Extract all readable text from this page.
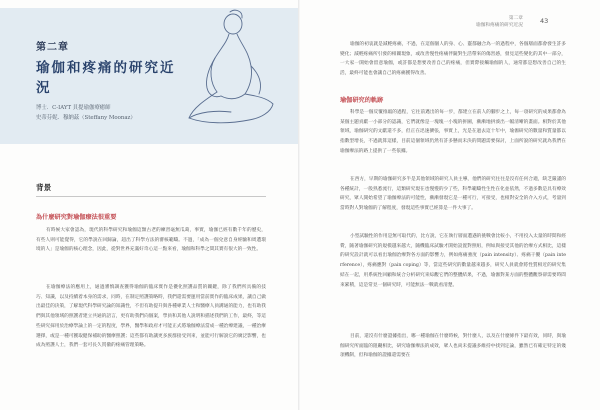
第二章
瑜伽和疼痛的研究近況
博士．C-IAYT 貝提瑜伽療癒師
史蒂芬妮．穆納茲（Steffany Moonaz）
背景
為什麼研究對瑜伽療法很重要
有時候大家會認為，現代的科學研究和瑜伽這類古老的練習毫無瓜葛，事實，瑜伽已經有數千年的歷史，有些人則可能覺得，它的學說在回歸論，超出了科學方法的審核範疇。不過，「成為一個兌意自身經驗和周遭環境的人」是瑜伽的核心理念，因此，從對世界充滿好奇心這一點來看，瑜伽和科學之間其實有很大的一致性。
在瑜伽療法的應用上，通過審慎調查獲得瑜伽的臨床實作是優化照護品質的關鍵，除了我們所具備的技巧、知識，以及持續着本身的需求，同時，在制定照護策略時，我們還需要運用當前實作的臨床成果，讓自己做出最佳的決策，了解現代科學研究論的知識性，不但有助提升與各種專業人士和醫療人員溝通的能力，也有助我們與其他領域的照護者建立共通的語言，更有助我們向個案，學員和其他人說明和描述我們的工作，最終，等這些研究採用於治療學論上的一定的程度，學界，醫學和政府才可能正式將瑜伽療法當成一種治療建議，一種治療選擇，或是一種可獲取健保補助的醫療照護；這些都有助讓更多族群接受到來，並能可行解說它的廣泛影響，也成為照護人士，我們一套可長久貫徹的疼痛管理策略。
第二章
瑜伽和疼痛的研究近況
43
瑜伽的初衷就是減輕疼痛，不過，在這個個人的身、心、靈都融合為一的過程中，各個層面都會發生許多變化；減輕疼痛所引發的相關現象，或改善慢性疼痛伴隨對生活帶來的傷害感，發見這些變化的其中一部分，一大家一開始會留意瑜伽，或許都是想要改善自己的疼痛，但實際接觸瑜伽的人，通常都是想改善自己的生活，最終可能也會讓自己的疼痛獲得改善。
瑜伽研究的軌跡
科學是一個反覆推敲的過程，它往前邁出的每一步，都建立在前人的腳步之上，每一項研究的成果都會為某個主題貢獻一小部分的認識，它們就像是一塊塊一小塊的拼圖，漸漸地拼湊出一幅清晰的畫面。相對於其他領域，瑜伽研究的文獻還不多，但正在迅速擴張，事實上，光是在過去這十年中，瑜伽研究的數量和質量都以指數型增長，不過就算這樣，目前這個領域仍然有許多懸而未決的問題需要探討，上面所說的研究就為我們在瑜伽療法的路上提供了一些依據。
在西方，早期的瑜伽研究多半是其他領域的研究人員主導，他們的研究往往是沒有任何合適，缺乏嚴謹的各種統計，一般熟悉流行，這類研究現在也慢慢的少了些，科學範疇性生性在化並依然，不過多數是具有療效研究，眾人開始希望了瑜伽療法的可能性，漸漸發現它是一種可行，可接受，也相對安全的介入方式，考量到當時對人對瑜伽的了解程度，發現這些事實已經算是一件大事了。
小型試驗性的作用是無可取代的，比方說，它在執行層面遭遇的挑戰會比較小，不用投入太量的時間和經費，隨著瑜伽研究的規模越來越大，隨機臨床試驗才開始設置對照組，例如與接受其他的治療方式相比，這樣的研究設計就可以看出瑜伽治療對各方面的影響力，例如疼痛強度（pain intensity）、疼痛干擾（pain interference），疼痛應對（pain coping）等，當這些研究的數量越來越多，研究人員就會將性質相近的研究集結在一起，用系統性回顧和統合分析研究來綜觀它們的整體結果，不過，瑜伽對某方面的整體觀察卻需要時間來累積，這是常見一個研究時，可能無法一戰就看清楚。
目前，還沒有什麼證據指出，哪一種瑜伽在什麼時候，對什麼人，以及在什麼條件下最有效，同時，與瑜伽研究所面臨的阻礙相比，研究瑜伽療法的成效，眾人也尚未提議多維持中找到定論，雖然已有確定特定的幾項機制，但和瑜伽的證據還需要在
